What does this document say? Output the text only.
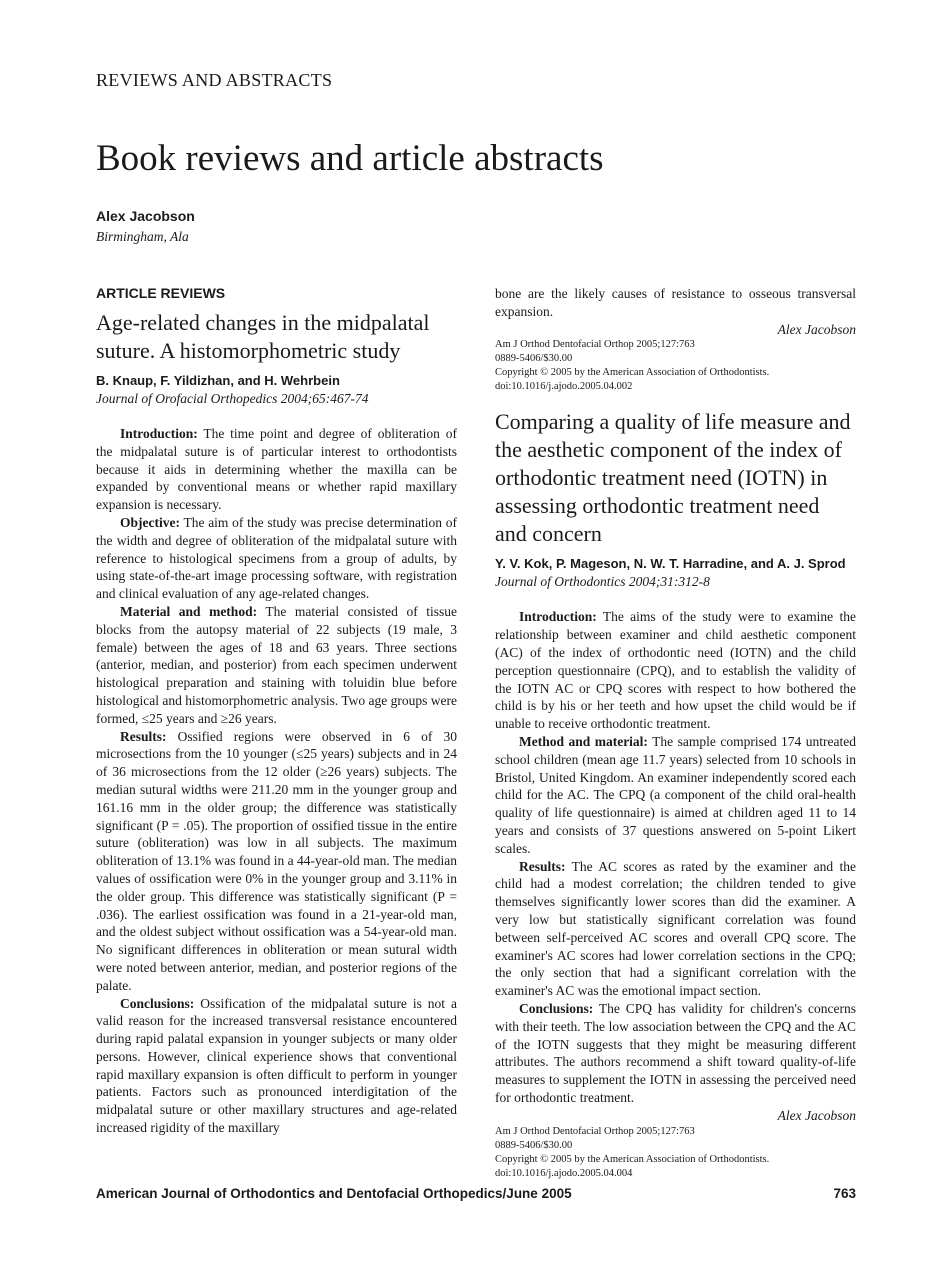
REVIEWS AND ABSTRACTS
Book reviews and article abstracts
Alex Jacobson
Birmingham, Ala
ARTICLE REVIEWS
Age-related changes in the midpalatal suture. A histomorphometric study
B. Knaup, F. Yildizhan, and H. Wehrbein
Journal of Orofacial Orthopedics 2004;65:467-74

Introduction: The time point and degree of obliteration of the midpalatal suture is of particular interest to orthodontists because it aids in determining whether the maxilla can be expanded by conventional means or whether rapid maxillary expansion is necessary.

Objective: The aim of the study was precise determination of the width and degree of obliteration of the midpalatal suture with reference to histological specimens from a group of adults, by using state-of-the-art image processing software, with registration and clinical evaluation of any age-related changes.

Material and method: The material consisted of tissue blocks from the autopsy material of 22 subjects (19 male, 3 female) between the ages of 18 and 63 years. Three sections (anterior, median, and posterior) from each specimen underwent histological preparation and staining with toluidin blue before histological and histomorphometric analysis. Two age groups were formed, ≤25 years and ≥26 years.

Results: Ossified regions were observed in 6 of 30 microsections from the 10 younger (≤25 years) subjects and in 24 of 36 microsections from the 12 older (≥26 years) subjects. The median sutural widths were 211.20 mm in the younger group and 161.16 mm in the older group; the difference was statistically significant (P = .05). The proportion of ossified tissue in the entire suture (obliteration) was low in all subjects. The maximum obliteration of 13.1% was found in a 44-year-old man. The median values of ossification were 0% in the younger group and 3.11% in the older group. This difference was statistically significant (P = .036). The earliest ossification was found in a 21-year-old man, and the oldest subject without ossification was a 54-year-old man. No significant differences in obliteration or mean sutural width were noted between anterior, median, and posterior regions of the palate.

Conclusions: Ossification of the midpalatal suture is not a valid reason for the increased transversal resistance encountered during rapid palatal expansion in younger subjects or many older persons. However, clinical experience shows that conventional rapid maxillary expansion is often difficult to perform in younger patients. Factors such as pronounced interdigitation of the midpalatal suture or other maxillary structures and age-related increased rigidity of the maxillary

bone are the likely causes of resistance to osseous transversal expansion.

Alex Jacobson
Am J Orthod Dentofacial Orthop 2005;127:763
0889-5406/$30.00
Copyright © 2005 by the American Association of Orthodontists.
doi:10.1016/j.ajodo.2005.04.002
Comparing a quality of life measure and the aesthetic component of the index of orthodontic treatment need (IOTN) in assessing orthodontic treatment need and concern
Y. V. Kok, P. Mageson, N. W. T. Harradine, and A. J. Sprod
Journal of Orthodontics 2004;31:312-8

Introduction: The aims of the study were to examine the relationship between examiner and child aesthetic component (AC) of the index of orthodontic need (IOTN) and the child perception questionnaire (CPQ), and to establish the validity of the IOTN AC or CPQ scores with respect to how bothered the child is by his or her teeth and how upset the child would be if unable to receive orthodontic treatment.

Method and material: The sample comprised 174 untreated school children (mean age 11.7 years) selected from 10 schools in Bristol, United Kingdom. An examiner independently scored each child for the AC. The CPQ (a component of the child oral-health quality of life questionnaire) is aimed at children aged 11 to 14 years and consists of 37 questions answered on 5-point Likert scales.

Results: The AC scores as rated by the examiner and the child had a modest correlation; the children tended to give themselves significantly lower scores than did the examiner. A very low but statistically significant correlation was found between self-perceived AC scores and overall CPQ score. The examiner's AC scores had lower correlation sections in the CPQ; the only section that had a significant correlation with the examiner's AC was the emotional impact section.

Conclusions: The CPQ has validity for children's concerns with their teeth. The low association between the CPQ and the AC of the IOTN suggests that they might be measuring different attributes. The authors recommend a shift toward quality-of-life measures to supplement the IOTN in assessing the perceived need for orthodontic treatment.

Alex Jacobson
Am J Orthod Dentofacial Orthop 2005;127:763
0889-5406/$30.00
Copyright © 2005 by the American Association of Orthodontists.
doi:10.1016/j.ajodo.2005.04.004
American Journal of Orthodontics and Dentofacial Orthopedics/June 2005	763
